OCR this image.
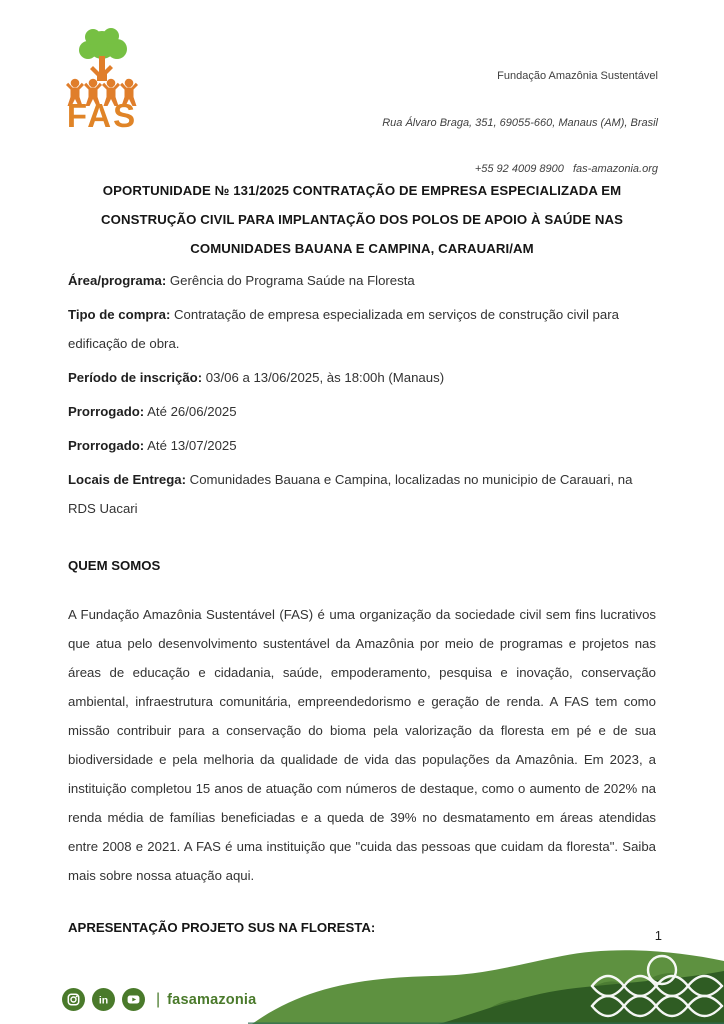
FAS

Fundação Amazônia Sustentável

Rua Álvaro Braga, 351, 69055-660, Manaus (AM), Brasil

+55 92 4009 8900   fas-amazonia.org

OPORTUNIDADE № 131/2025 CONTRATAÇÃO DE EMPRESA ESPECIALIZADA EM CONSTRUÇÃO CIVIL PARA IMPLANTAÇÃO DOS POLOS DE APOIO À SAÚDE NAS COMUNIDADES BAUANA E CAMPINA, CARAUARI/AM

Área/programa: Gerência do Programa Saúde na Floresta

Tipo de compra: Contratação de empresa especializada em serviços de construção civil para edificação de obra.

Período de inscrição: 03/06 a 13/06/2025, às 18:00h (Manaus)

Prorrogado: Até 26/06/2025

Prorrogado: Até 13/07/2025

Locais de Entrega: Comunidades Bauana e Campina, localizadas no municipio de Carauari, na RDS Uacari

QUEM SOMOS

A Fundação Amazônia Sustentável (FAS) é uma organização da sociedade civil sem fins lucrativos que atua pelo desenvolvimento sustentável da Amazônia por meio de programas e projetos nas áreas de educação e cidadania, saúde, empoderamento, pesquisa e inovação, conservação ambiental, infraestrutura comunitária, empreendedorismo e geração de renda. A FAS tem como missão contribuir para a conservação do bioma pela valorização da floresta em pé e de sua biodiversidade e pela melhoria da qualidade de vida das populações da Amazônia. Em 2023, a instituição completou 15 anos de atuação com números de destaque, como o aumento de 202% na renda média de famílias beneficiadas e a queda de 39% no desmatamento em áreas atendidas entre 2008 e 2021. A FAS é uma instituição que "cuida das pessoas que cuidam da floresta". Saiba mais sobre nossa atuação aqui.

APRESENTAÇÃO PROJETO SUS NA FLORESTA:
1
in	| fasamazonia
